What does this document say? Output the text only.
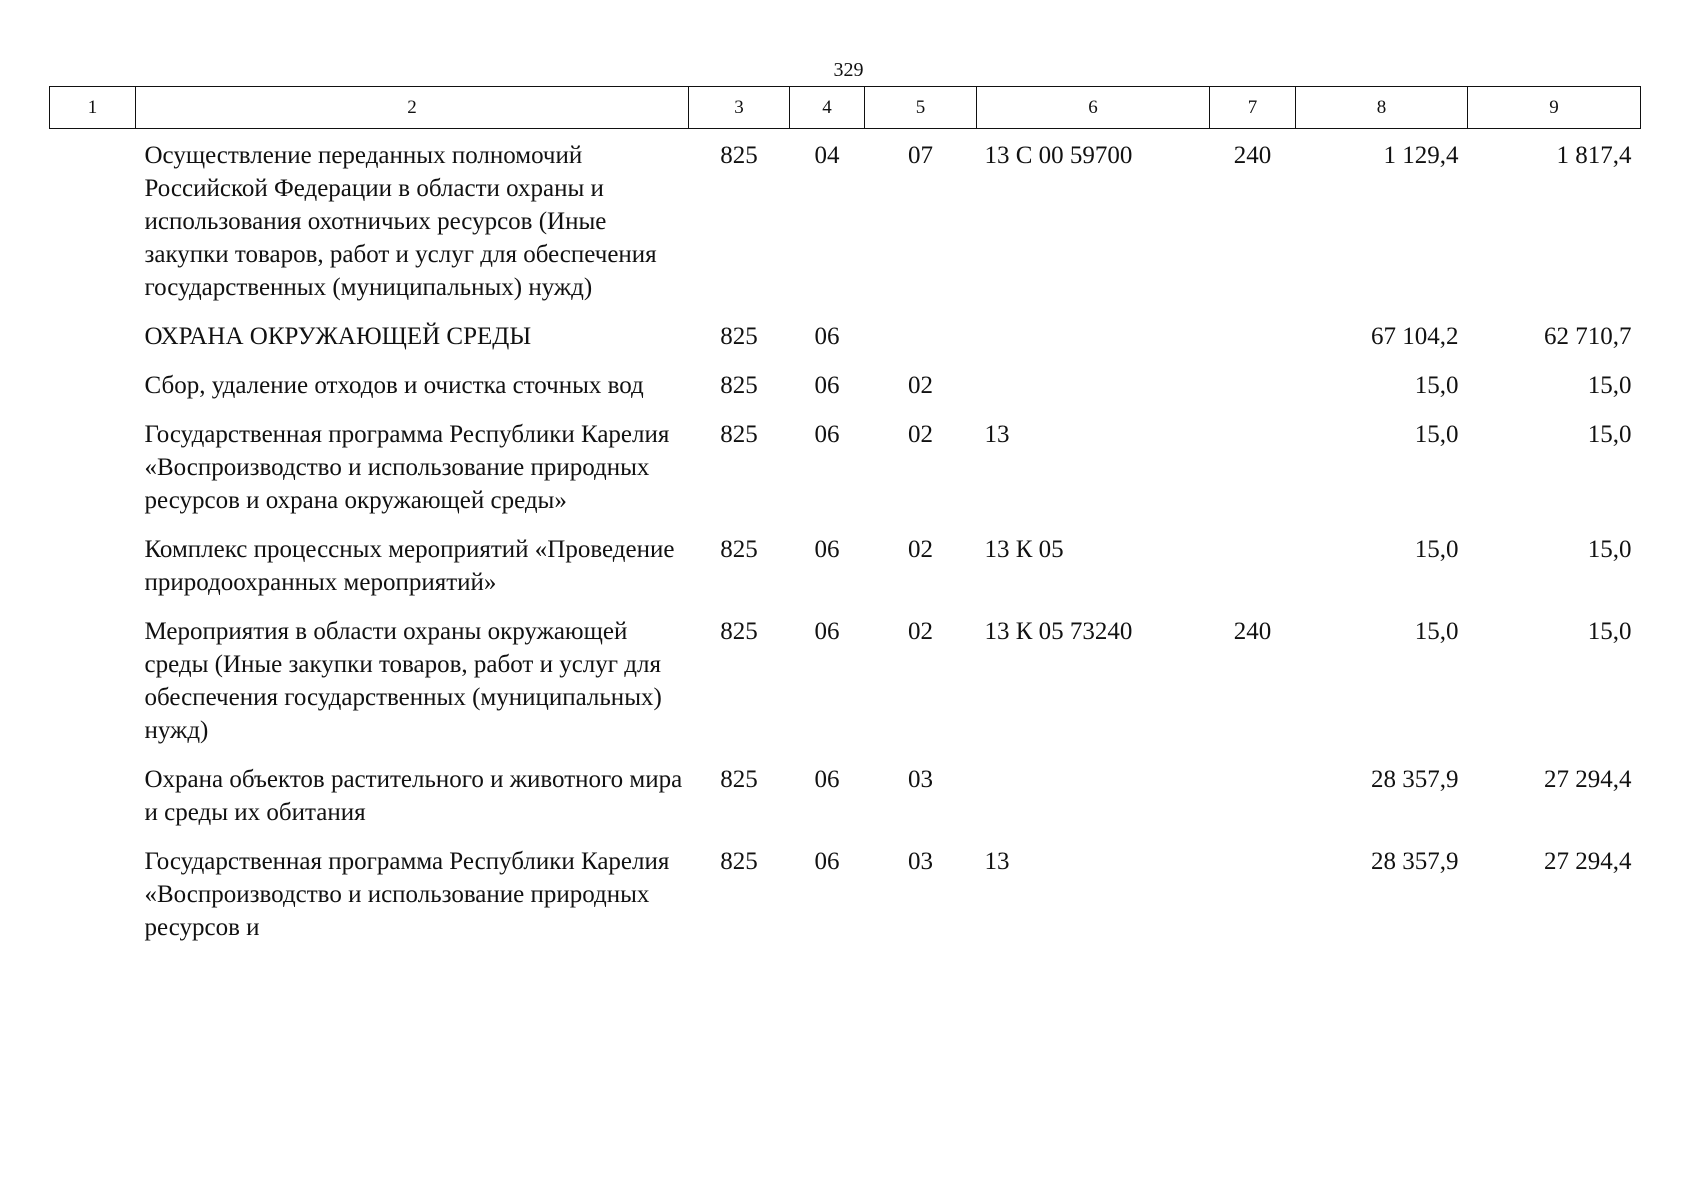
329
1	2	3	4	5	6	7	8	9
	Осуществление переданных полномочий Российской Федерации в области охраны и использования охотничьих ресурсов (Иные закупки товаров, работ и услуг для обеспечения государственных (муниципальных) нужд)	825	04	07	13 С 00 59700	240	1 129,4	1 817,4
	ОХРАНА ОКРУЖАЮЩЕЙ СРЕДЫ	825	06				67 104,2	62 710,7
	Сбор, удаление отходов и очистка сточных вод	825	06	02			15,0	15,0
	Государственная программа Республики Карелия «Воспроизводство и использование природных ресурсов и охрана окружающей среды»	825	06	02	13		15,0	15,0
	Комплекс процессных мероприятий «Проведение природоохранных мероприятий»	825	06	02	13 К 05		15,0	15,0
	Мероприятия в области охраны окружающей среды (Иные закупки товаров, работ и услуг для обеспечения государственных (муниципальных) нужд)	825	06	02	13 К 05 73240	240	15,0	15,0
	Охрана объектов растительного и животного мира и среды их обитания	825	06	03			28 357,9	27 294,4
	Государственная программа Республики Карелия «Воспроизводство и использование природных ресурсов и	825	06	03	13		28 357,9	27 294,4
